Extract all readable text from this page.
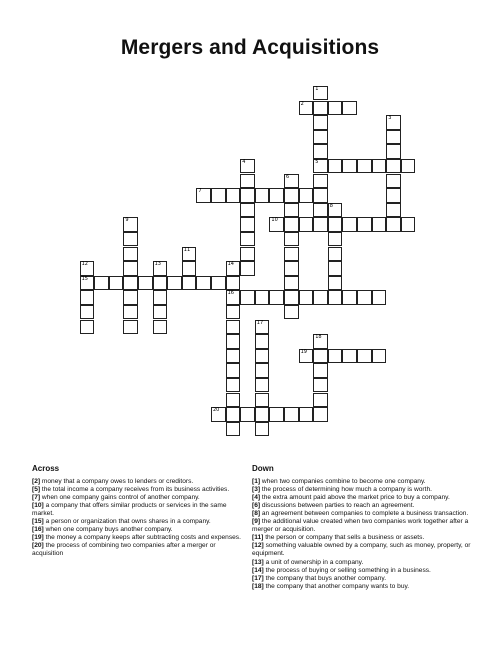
Mergers and Acquisitions
1
5
2
3
4
6
7
8
9	10
11
12
15
13	14
16
17
18
19
20
Across

[2] money that a company owes to lenders or creditors.

[5] the total income a company receives from its business activities.

[7] when one company gains control of another company.

[10] a company that offers similar products or services in the same market.

[15] a person or organization that owns shares in a company.

[16] when one company buys another company.

[19] the money a company keeps after subtracting costs and expenses.

[20] the process of combining two companies after a merger or acquisition

Down

[1] when two companies combine to become one company.

[3] the process of determining how much a company is worth.

[4] the extra amount paid above the market price to buy a company.

[6] discussions between parties to reach an agreement.

[8] an agreement between companies to complete a business transaction.

[9] the additional value created when two companies work together after a merger or acquisition.

[11] the person or company that sells a business or assets.

[12] something valuable owned by a company, such as money, property, or equipment.

[13] a unit of ownership in a company.

[14] the process of buying or selling something in a business.

[17] the company that buys another company.

[18] the company that another company wants to buy.
